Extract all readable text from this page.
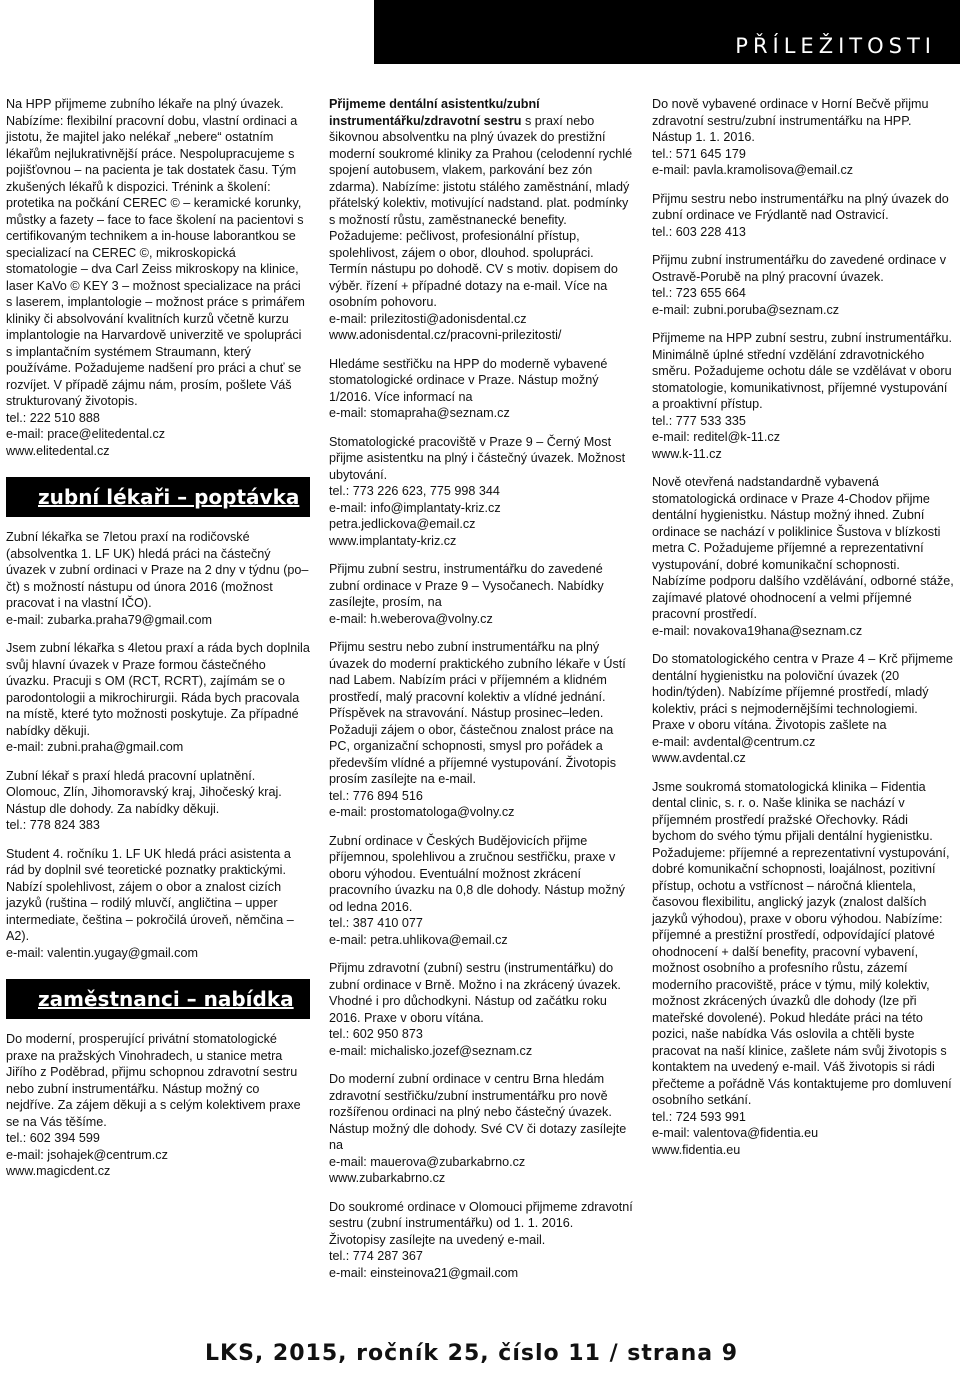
PŘÍLEŽITOSTI

Na HPP přijmeme zubního lékaře na plný úvazek. Nabízíme: flexibilní pracovní dobu, vlastní ordinaci a jistotu, že majitel jako nelékař „nebere“ ostatním lékařům nejlukrativnější práce. Nespolupracujeme s pojišťovnou – na pacienta je tak dostatek času. Tým zkušených lékařů k dispozici. Trénink a školení: protetika na počkání CEREC © – keramické korunky, můstky a fazety – face to face školení na pacientovi s certifikovaným technikem a in-house laborantkou se specializací na CEREC ©, mikroskopická stomatologie – dva Carl Zeiss mikroskopy na klinice, laser KaVo © KEY 3 – možnost specializace na práci s laserem, implantologie – možnost práce s primářem kliniky či absolvování kvalitních kurzů včetně kurzu implantologie na Harvardově univerzitě ve spolupráci s implantačním systémem Straumann, který používáme. Požadujeme nadšení pro práci a chuť se rozvíjet. V případě zájmu nám, prosím, pošlete Váš strukturovaný životopis.
tel.: 222 510 888
e-mail: prace@elitedental.cz
www.elitedental.cz

zubní lékaři – poptávka

Zubní lékařka se 7letou praxí na rodičovské (absolventka 1. LF UK) hledá práci na částečný úvazek v zubní ordinaci v Praze na 2 dny v týdnu (po–čt) s možností nástupu od února 2016 (možnost pracovat i na vlastní IČO).
e-mail: zubarka.praha79@gmail.com

Jsem zubní lékařka s 4letou praxí a ráda bych doplnila svůj hlavní úvazek v Praze formou částečného úvazku. Pracuji s OM (RCT, RCRT), zajímám se o parodontologii a mikrochirurgii. Ráda bych pracovala na místě, které tyto možnosti poskytuje. Za případné nabídky děkuji.
e-mail: zubni.praha@gmail.com

Zubní lékař s praxí hledá pracovní uplatnění. Olomouc, Zlín, Jihomoravský kraj, Jihočeský kraj. Nástup dle dohody. Za nabídky děkuji.
tel.: 778 824 383

Student 4. ročníku 1. LF UK hledá práci asistenta a rád by doplnil své teoretické poznatky praktickými. Nabízí spolehlivost, zájem o obor a znalost cizích jazyků (ruština – rodilý mluvčí, angličtina – upper intermediate, čeština – pokročilá úroveň, němčina – A2).
e-mail: valentin.yugay@gmail.com

zaměstnanci – nabídka

Do moderní, prosperující privátní stomatologické praxe na pražských Vinohradech, u stanice metra Jiřího z Poděbrad, přijmu schopnou zdravotní sestru nebo zubní instrumentářku. Nástup možný co nejdříve. Za zájem děkuji a s celým kolektivem praxe se na Vás těšíme.
tel.: 602 394 599
e-mail: jsohajek@centrum.cz
www.magicdent.cz

Přijmeme dentální asistentku/zubní instrumentářku/zdravotní sestru s praxí nebo šikovnou absolventku na plný úvazek do prestižní moderní soukromé kliniky za Prahou (celodenní rychlé spojení autobusem, vlakem, parkování bez zón zdarma). Nabízíme: jistotu stálého zaměstnání, mladý přátelský kolektiv, motivující nadstand. plat. podmínky s možností růstu, zaměstnanecké benefity. Požadujeme: pečlivost, profesionální přístup, spolehlivost, zájem o obor, dlouhod. spolupráci. Termín nástupu po dohodě. CV s motiv. dopisem do výběr. řízení + případné dotazy na e-mail. Více na osobním pohovoru.
e-mail: prilezitosti@adonisdental.cz
www.adonisdental.cz/pracovni-prilezitosti/

Hledáme sestřičku na HPP do moderně vybavené stomatologické ordinace v Praze. Nástup možný 1/2016. Více informací na
e-mail: stomapraha@seznam.cz

Stomatologické pracoviště v Praze 9 – Černý Most přijme asistentku na plný i částečný úvazek. Možnost ubytování.
tel.: 773 226 623, 775 998 344
e-mail: info@implantaty-kriz.cz
petra.jedlickova@email.cz
www.implantaty-kriz.cz

Přijmu zubní sestru, instrumentářku do zavedené zubní ordinace v Praze 9 – Vysočanech. Nabídky zasílejte, prosím, na
e-mail: h.weberova@volny.cz

Přijmu sestru nebo zubní instrumentářku na plný úvazek do moderní praktického zubního lékaře v Ústí nad Labem. Nabízím práci v příjemném a klidném prostředí, malý pracovní kolektiv a vlídné jednání. Příspěvek na stravování. Nástup prosinec–leden. Požaduji zájem o obor, částečnou znalost práce na PC, organizační schopnosti, smysl pro pořádek a především vlídné a příjemné vystupování. Životopis prosím zasílejte na e-mail.
tel.: 776 894 516
e-mail: prostomatologa@volny.cz

Zubní ordinace v Českých Budějovicích přijme příjemnou, spolehlivou a zručnou sestřičku, praxe v oboru výhodou. Eventuální možnost zkrácení pracovního úvazku na 0,8 dle dohody. Nástup možný od ledna 2016.
tel.: 387 410 077
e-mail: petra.uhlikova@email.cz

Přijmu zdravotní (zubní) sestru (instrumentářku) do zubní ordinace v Brně. Možno i na zkrácený úvazek. Vhodné i pro důchodkyni. Nástup od začátku roku 2016. Praxe v oboru vítána.
tel.: 602 950 873
e-mail: michalisko.jozef@seznam.cz

Do moderní zubní ordinace v centru Brna hledám zdravotní sestřičku/zubní instrumentářku pro nově rozšířenou ordinaci na plný nebo částečný úvazek. Nástup možný dle dohody. Své CV či dotazy zasílejte na
e-mail: mauerova@zubarkabrno.cz
www.zubarkabrno.cz

Do soukromé ordinace v Olomouci přijmeme zdravotní sestru (zubní instrumentářku) od 1. 1. 2016. Životopisy zasílejte na uvedený e-mail.
tel.: 774 287 367
e-mail: einsteinova21@gmail.com

Do nově vybavené ordinace v Horní Bečvě přijmu zdravotní sestru/zubní instrumentářku na HPP. Nástup 1. 1. 2016.
tel.: 571 645 179
e-mail: pavla.kramolisova@email.cz

Přijmu sestru nebo instrumentářku na plný úvazek do zubní ordinace ve Frýdlantě nad Ostravicí.
tel.: 603 228 413

Přijmu zubní instrumentářku do zavedené ordinace v Ostravě-Porubě na plný pracovní úvazek.
tel.: 723 655 664
e-mail: zubni.poruba@seznam.cz

Přijmeme na HPP zubní sestru, zubní instrumentářku. Minimálně úplné střední vzdělání zdravotnického směru. Požadujeme ochotu dále se vzdělávat v oboru stomatologie, komunikativnost, příjemné vystupování a proaktivní přístup.
tel.: 777 533 335
e-mail: reditel@k-11.cz
www.k-11.cz

Nově otevřená nadstandardně vybavená stomatologická ordinace v Praze 4-Chodov přijme dentální hygienistku. Nástup možný ihned. Zubní ordinace se nachází v poliklinice Šustova v blízkosti metra C. Požadujeme příjemné a reprezentativní vystupování, dobré komunikační schopnosti. Nabízíme podporu dalšího vzdělávání, odborné stáže, zajímavé platové ohodnocení a velmi příjemné pracovní prostředí.
e-mail: novakova19hana@seznam.cz

Do stomatologického centra v Praze 4 – Krč přijmeme dentální hygienistku na poloviční úvazek (20 hodin/týden). Nabízíme příjemné prostředí, mladý kolektiv, práci s nejmodernějšími technologiemi. Praxe v oboru vítána. Životopis zašlete na
e-mail: avdental@centrum.cz
www.avdental.cz

Jsme soukromá stomatologická klinika – Fidentia dental clinic, s. r. o. Naše klinika se nachází v příjemném prostředí pražské Ořechovky. Rádi bychom do svého týmu přijali dentální hygienistku. Požadujeme: příjemné a reprezentativní vystupování, dobré komunikační schopnosti, loajálnost, pozitivní přístup, ochotu a vstřícnost – náročná klientela, časovou flexibilitu, anglický jazyk (znalost dalších jazyků výhodou), praxe v oboru výhodou. Nabízíme: příjemné a prestižní prostředí, odpovídající platové ohodnocení + další benefity, pracovní vybavení, možnost osobního a profesního růstu, zázemí moderního pracoviště, práce v týmu, milý kolektiv, možnost zkrácených úvazků dle dohody (lze při mateřské dovolené). Pokud hledáte práci na této pozici, naše nabídka Vás oslovila a chtěli byste pracovat na naší klinice, zašlete nám svůj životopis s kontaktem na uvedený e-mail. Váš životopis si rádi přečteme a pořádně Vás kontaktujeme pro domluvení osobního setkání.
tel.: 724 593 991
e-mail: valentova@fidentia.eu
www.fidentia.eu

LKS, 2015, ročník 25, číslo 11 / strana 9
